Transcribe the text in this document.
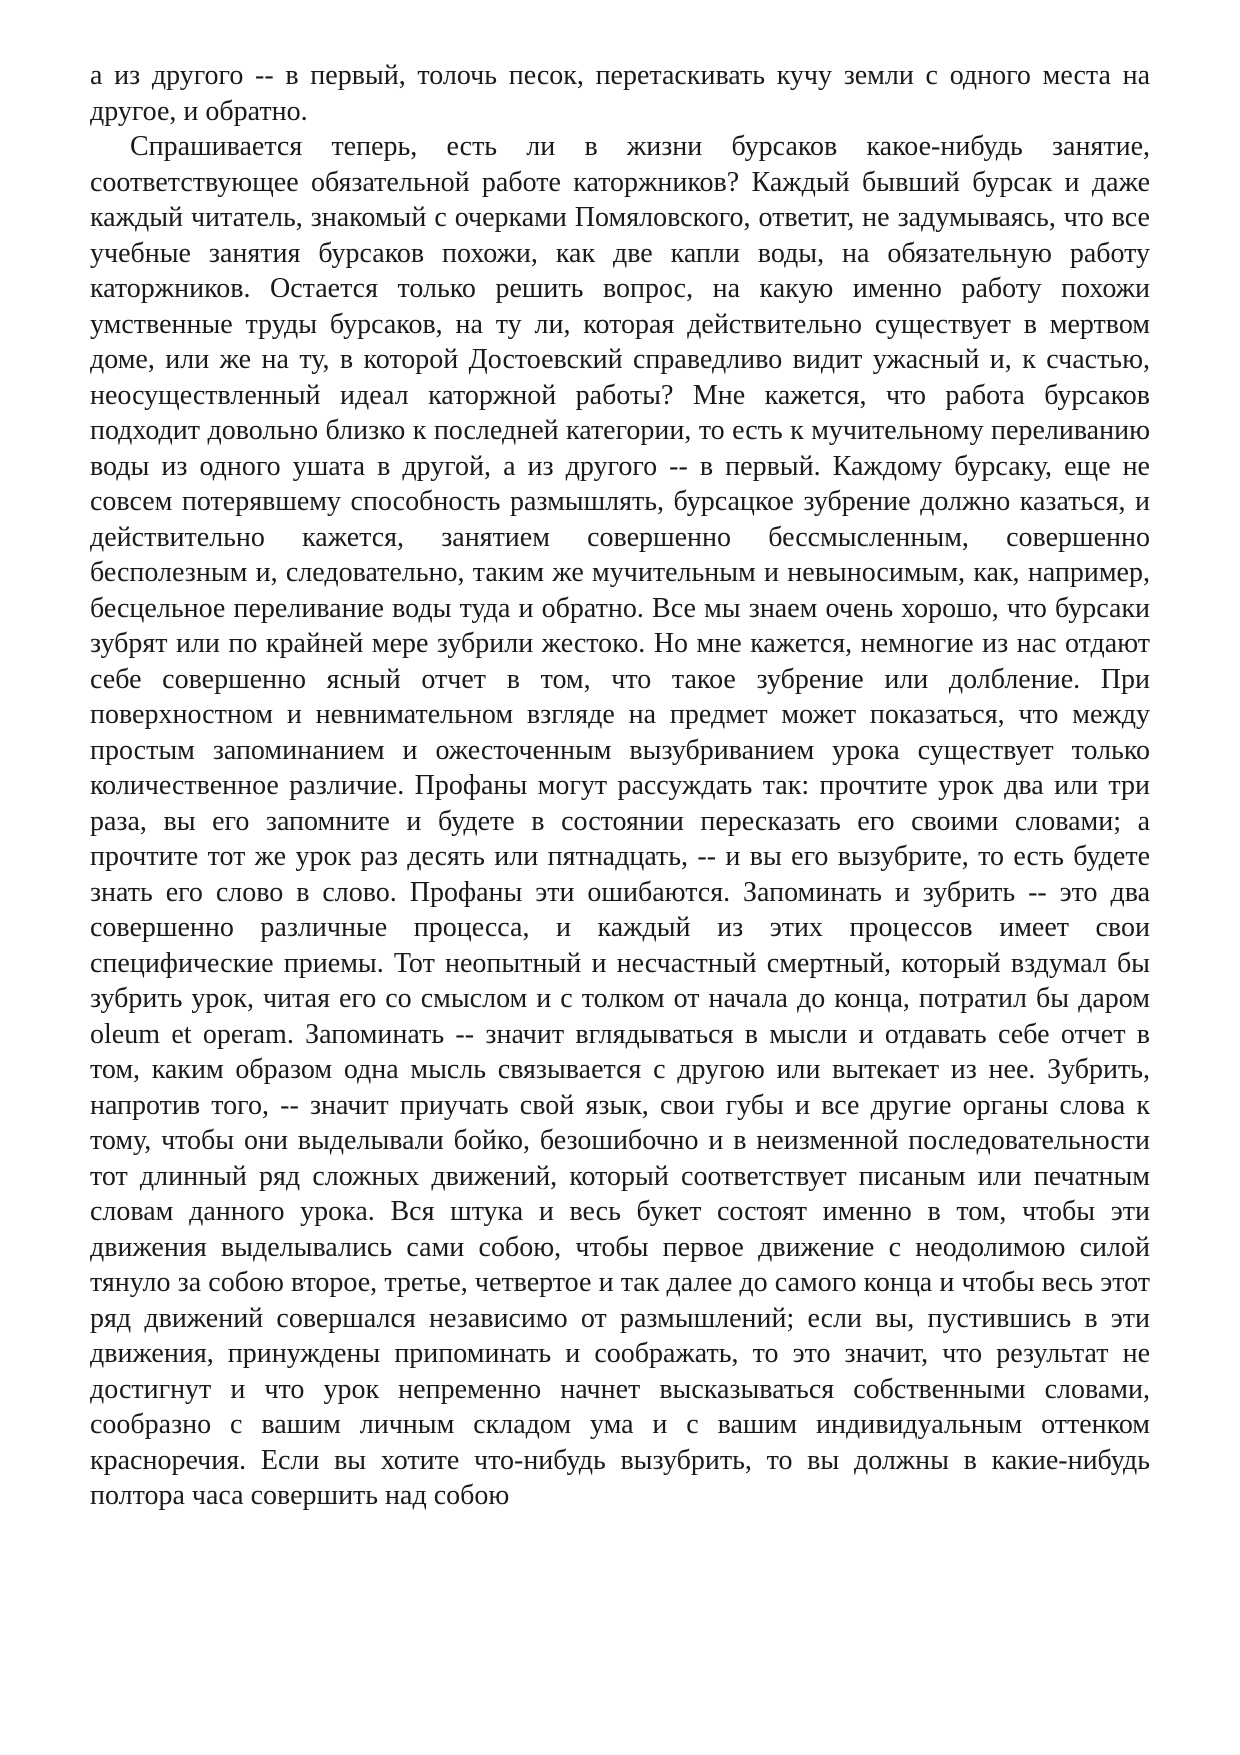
а из другого -- в первый, толочь песок, перетаскивать кучу земли с одного места на другое, и обратно.

Спрашивается теперь, есть ли в жизни бурсаков какое-нибудь занятие, соответствующее обязательной работе каторжников? Каждый бывший бурсак и даже каждый читатель, знакомый с очерками Помяловского, ответит, не задумываясь, что все учебные занятия бурсаков похожи, как две капли воды, на обязательную работу каторжников. Остается только решить вопрос, на какую именно работу похожи умственные труды бурсаков, на ту ли, которая действительно существует в мертвом доме, или же на ту, в которой Достоевский справедливо видит ужасный и, к счастью, неосуществленный идеал каторжной работы? Мне кажется, что работа бурсаков подходит довольно близко к последней категории, то есть к мучительному переливанию воды из одного ушата в другой, а из другого -- в первый. Каждому бурсаку, еще не совсем потерявшему способность размышлять, бурсацкое зубрение должно казаться, и действительно кажется, занятием совершенно бессмысленным, совершенно бесполезным и, следовательно, таким же мучительным и невыносимым, как, например, бесцельное переливание воды туда и обратно. Все мы знаем очень хорошо, что бурсаки зубрят или по крайней мере зубрили жестоко. Но мне кажется, немногие из нас отдают себе совершенно ясный отчет в том, что такое зубрение или долбление. При поверхностном и невнимательном взгляде на предмет может показаться, что между простым запоминанием и ожесточенным вызубриванием урока существует только количественное различие. Профаны могут рассуждать так: прочтите урок два или три раза, вы его запомните и будете в состоянии пересказать его своими словами; а прочтите тот же урок раз десять или пятнадцать, -- и вы его вызубрите, то есть будете знать его слово в слово. Профаны эти ошибаются. Запоминать и зубрить -- это два совершенно различные процесса, и каждый из этих процессов имеет свои специфические приемы. Тот неопытный и несчастный смертный, который вздумал бы зубрить урок, читая его со смыслом и с толком от начала до конца, потратил бы даром oleum et operam. Запоминать -- значит вглядываться в мысли и отдавать себе отчет в том, каким образом одна мысль связывается с другою или вытекает из нее. Зубрить, напротив того, -- значит приучать свой язык, свои губы и все другие органы слова к тому, чтобы они выделывали бойко, безошибочно и в неизменной последовательности тот длинный ряд сложных движений, который соответствует писаным или печатным словам данного урока. Вся штука и весь букет состоят именно в том, чтобы эти движения выделывались сами собою, чтобы первое движение с неодолимою силой тянуло за собою второе, третье, четвертое и так далее до самого конца и чтобы весь этот ряд движений совершался независимо от размышлений; если вы, пустившись в эти движения, принуждены припоминать и соображать, то это значит, что результат не достигнут и что урок непременно начнет высказываться собственными словами, сообразно с вашим личным складом ума и с вашим индивидуальным оттенком красноречия. Если вы хотите что-нибудь вызубрить, то вы должны в какие-нибудь полтора часа совершить над собою
